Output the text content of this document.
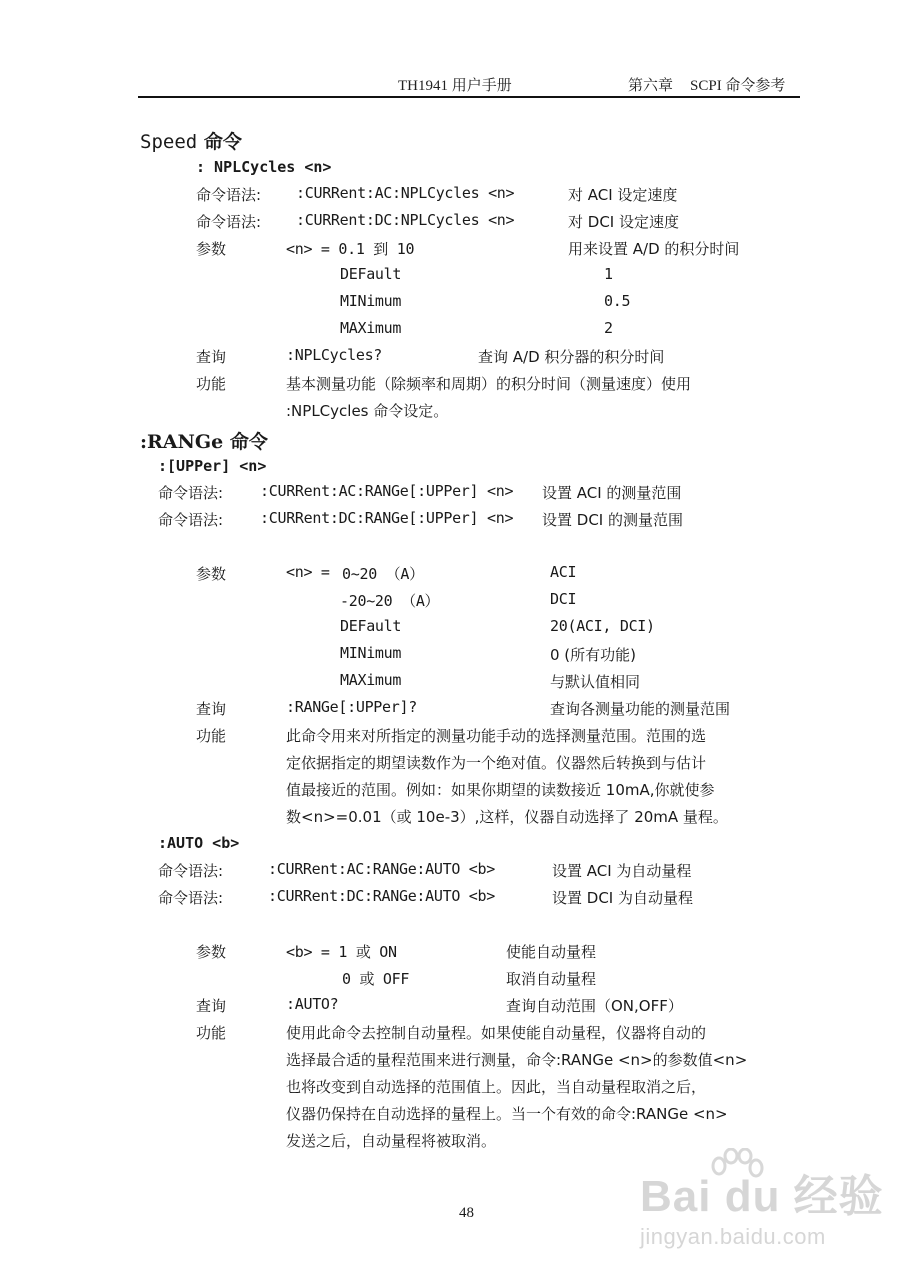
TH1941 用户手册	第六章 SCPI 命令参考
Speed 命令
: NPLCycles <n>
命令语法: :CURRent:AC:NPLCycles <n>	对 ACI 设定速度
命令语法: :CURRent:DC:NPLCycles <n>	对 DCI 设定速度
参数	<n> = 0.1 到 10	用来设置 A/D 的积分时间
DEFault	1
MINimum	0.5
MAXimum	2
查询	:NPLCycles?	查询 A/D 积分器的积分时间
功能	基本测量功能（除频率和周期）的积分时间（测量速度）使用
:NPLCycles 命令设定。
:RANGe 命令
:[UPPer] <n>
命令语法: :CURRent:AC:RANGe[:UPPer] <n> 设置 ACI 的测量范围
命令语法: :CURRent:DC:RANGe[:UPPer] <n> 设置 DCI 的测量范围
参数	<n> = 0~20 （A）	ACI
-20~20 （A）	DCI
DEFault	20(ACI, DCI)
MINimum	0 (所有功能)
MAXimum	与默认值相同
查询	:RANGe[:UPPer]?	查询各测量功能的测量范围
功能	此命令用来对所指定的测量功能手动的选择测量范围。范围的选
定依据指定的期望读数作为一个绝对值。仪器然后转换到与估计
值最接近的范围。例如：如果你期望的读数接近 10mA,你就使参
数<n>=0.01（或 10e-3）,这样，仪器自动选择了 20mA 量程。
:AUTO <b>
命令语法:	:CURRent:AC:RANGe:AUTO <b>	设置 ACI 为自动量程
命令语法:	:CURRent:DC:RANGe:AUTO <b>	设置 DCI 为自动量程
参数	<b> = 1 或 ON	使能自动量程
0 或 OFF	取消自动量程
查询	:AUTO?	查询自动范围（ON,OFF）
功能	使用此命令去控制自动量程。如果使能自动量程，仪器将自动的
选择最合适的量程范围来进行测量，命令:RANGe <n>的参数值<n>
也将改变到自动选择的范围值上。因此，当自动量程取消之后，
仪器仍保持在自动选择的量程上。当一个有效的命令:RANGe <n>
发送之后，自动量程将被取消。
48	Bai du 经验
jingyan.baidu.com
